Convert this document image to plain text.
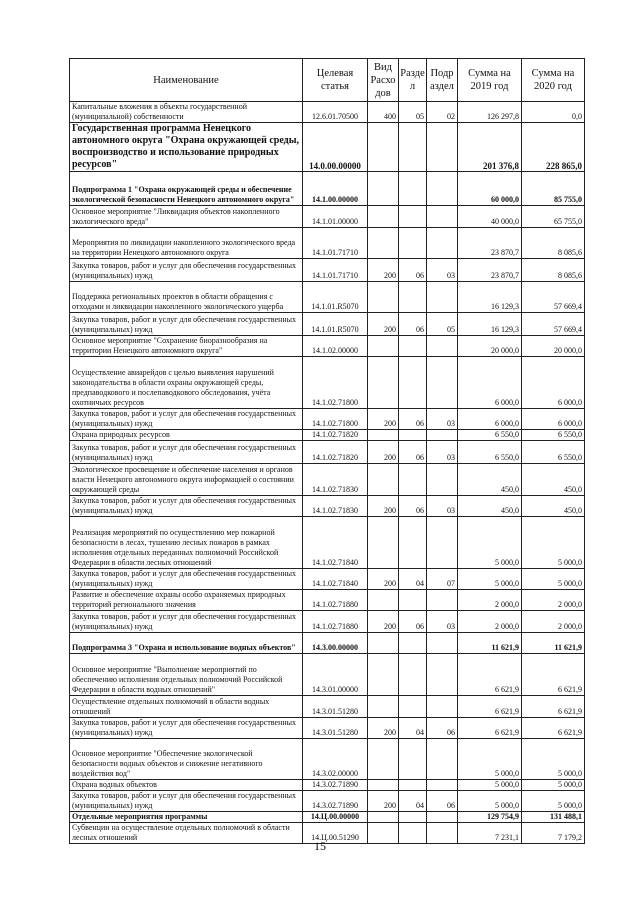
Наименование	Целевая статья	Вид Расхо дов	Разде л	Подр аздел	Сумма на 2019 год	Сумма на 2020 год
Капитальные вложения в объекты государственной (муниципальной) собственности	12.6.01.70500	400	05	02	126 297,8	0,0
Государственная программа Ненецкого автономного округа "Охрана окружающей среды, воспроизводство и использование природных ресурсов"	14.0.00.00000				201 376,8	228 865,0
Подпрограмма 1 "Охрана окружающей среды и обеспечение экологической безопасности Ненецкого автономного округа"	14.1.00.00000				60 000,0	85 755,0
Основное мероприятие "Ликвидация объектов накопленного экологического вреда"	14.1.01.00000				40 000,0	65 755,0
Мероприятия по ликвидации накопленного экологического вреда на территории Ненецкого автономного округа	14.1.01.71710				23 870,7	8 085,6
Закупка товаров, работ и услуг для обеспечения государственных (муниципальных) нужд	14.1.01.71710	200	06	03	23 870,7	8 085,6
Поддержка региональных проектов в области обращения с отходами и ликвидации накопленного экологического ущерба	14.1.01.R5070				16 129,3	57 669,4
Закупка товаров, работ и услуг для обеспечения государственных (муниципальных) нужд	14.1.01.R5070	200	06	05	16 129,3	57 669,4
Основное мероприятие "Сохранение биоразнообразия на территории Ненецкого автономного округа"	14.1.02.00000				20 000,0	20 000,0
Осуществление авиарейдов с целью выявления нарушений законодательства в области охраны окружающей среды, предпаводкового и послепаводкового обследования, учёта охотничьих ресурсов	14.1.02.71800				6 000,0	6 000,0
Закупка товаров, работ и услуг для обеспечения государственных (муниципальных) нужд	14.1.02.71800	200	06	03	6 000,0	6 000,0
Охрана природных ресурсов	14.1.02.71820				6 550,0	6 550,0
Закупка товаров, работ и услуг для обеспечения государственных (муниципальных) нужд	14.1.02.71820	200	06	03	6 550,0	6 550,0
Экологическое просвещение и обеспечение населения и органов власти Ненецкого автономного округа информацией о состоянии окружающей среды	14.1.02.71830				450,0	450,0
Закупка товаров, работ и услуг для обеспечения государственных (муниципальных) нужд	14.1.02.71830	200	06	03	450,0	450,0
Реализация мероприятий по осуществлению мер пожарной безопасности в лесах, тушению лесных пожаров в рамках исполнения отдельных переданных полномочий Российской Федерации в области лесных отношений	14.1.02.71840				5 000,0	5 000,0
Закупка товаров, работ и услуг для обеспечения государственных (муниципальных) нужд	14.1.02.71840	200	04	07	5 000,0	5 000,0
Развитие и обеспечение охраны особо охраняемых природных территорий регионального значения	14.1.02.71880				2 000,0	2 000,0
Закупка товаров, работ и услуг для обеспечения государственных (муниципальных) нужд	14.1.02.71880	200	06	03	2 000,0	2 000,0
Подпрограмма 3 "Охрана и использование водных объектов"	14.3.00.00000				11 621,9	11 621,9
Основное мероприятие "Выполнение мероприятий по обеспечению исполнения отдельных полномочий Российской Федерации в области водных отношений"	14.3.01.00000				6 621,9	6 621,9
Осуществление отдельных полномочий в области водных отношений	14.3.01.51280				6 621,9	6 621,9
Закупка товаров, работ и услуг для обеспечения государственных (муниципальных) нужд	14.3.01.51280	200	04	06	6 621,9	6 621,9
Основное мероприятие "Обеспечение экологической безопасности водных объектов и снижение негативного воздействия вод"	14.3.02.00000				5 000,0	5 000,0
Охрана водных объектов	14.3.02.71890				5 000,0	5 000,0
Закупка товаров, работ и услуг для обеспечения государственных (муниципальных) нужд	14.3.02.71890	200	04	06	5 000,0	5 000,0
Отдельные мероприятия программы	14.Ц.00.00000				129 754,9	131 488,1
Субвенции на осуществление отдельных полномочий в области лесных отношений	14.Ц.00.51290				7 231,1	7 179,2
15
